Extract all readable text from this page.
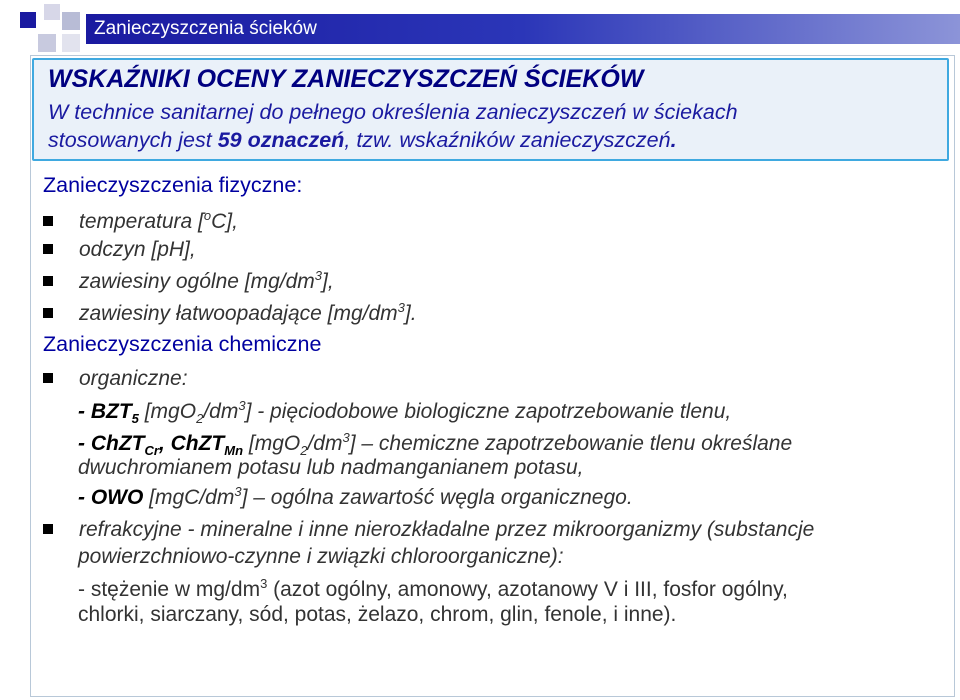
Zanieczyszczenia ścieków
WSKAŹNIKI OCENY ZANIECZYSZCZEŃ ŚCIEKÓW
W technice sanitarnej do pełnego określenia zanieczyszczeń w ściekach
stosowanych jest 59 oznaczeń, tzw. wskaźników zanieczyszczeń.
Zanieczyszczenia fizyczne:
temperatura [$^o$C],
odczyn [pH],
zawiesiny ogólne $[mg/dm^3]$,
zawiesiny łatwoopadające $[mg/dm^3]$.
Zanieczyszczenia chemiczne
organiczne:
- $BZT_5$ $[mgO_2/dm^3]$ - pięciodobowe biologiczne zapotrzebowanie tlenu,
- ChZT$_{Cr}$, ChZT$_{Mn}$ $[mgO_2/dm^3]$ – chemiczne zapotrzebowanie tlenu określane
dwuchromianem potasu lub nadmanganianem potasu,
- OWO $[mgC/dm^3]$ – ogólna zawartość węgla organicznego.
refrakcyjne - mineralne i inne nierozkładalne przez mikroorganizmy (substancje
powierzchniowo-czynne i związki chloroorganiczne):
- stężenie w $mg/dm^3$ (azot ogólny, amonowy, azotanowy V i III, fosfor ogólny,
chlorki, siarczany, sód, potas, żelazo, chrom, glin, fenole, i inne).
